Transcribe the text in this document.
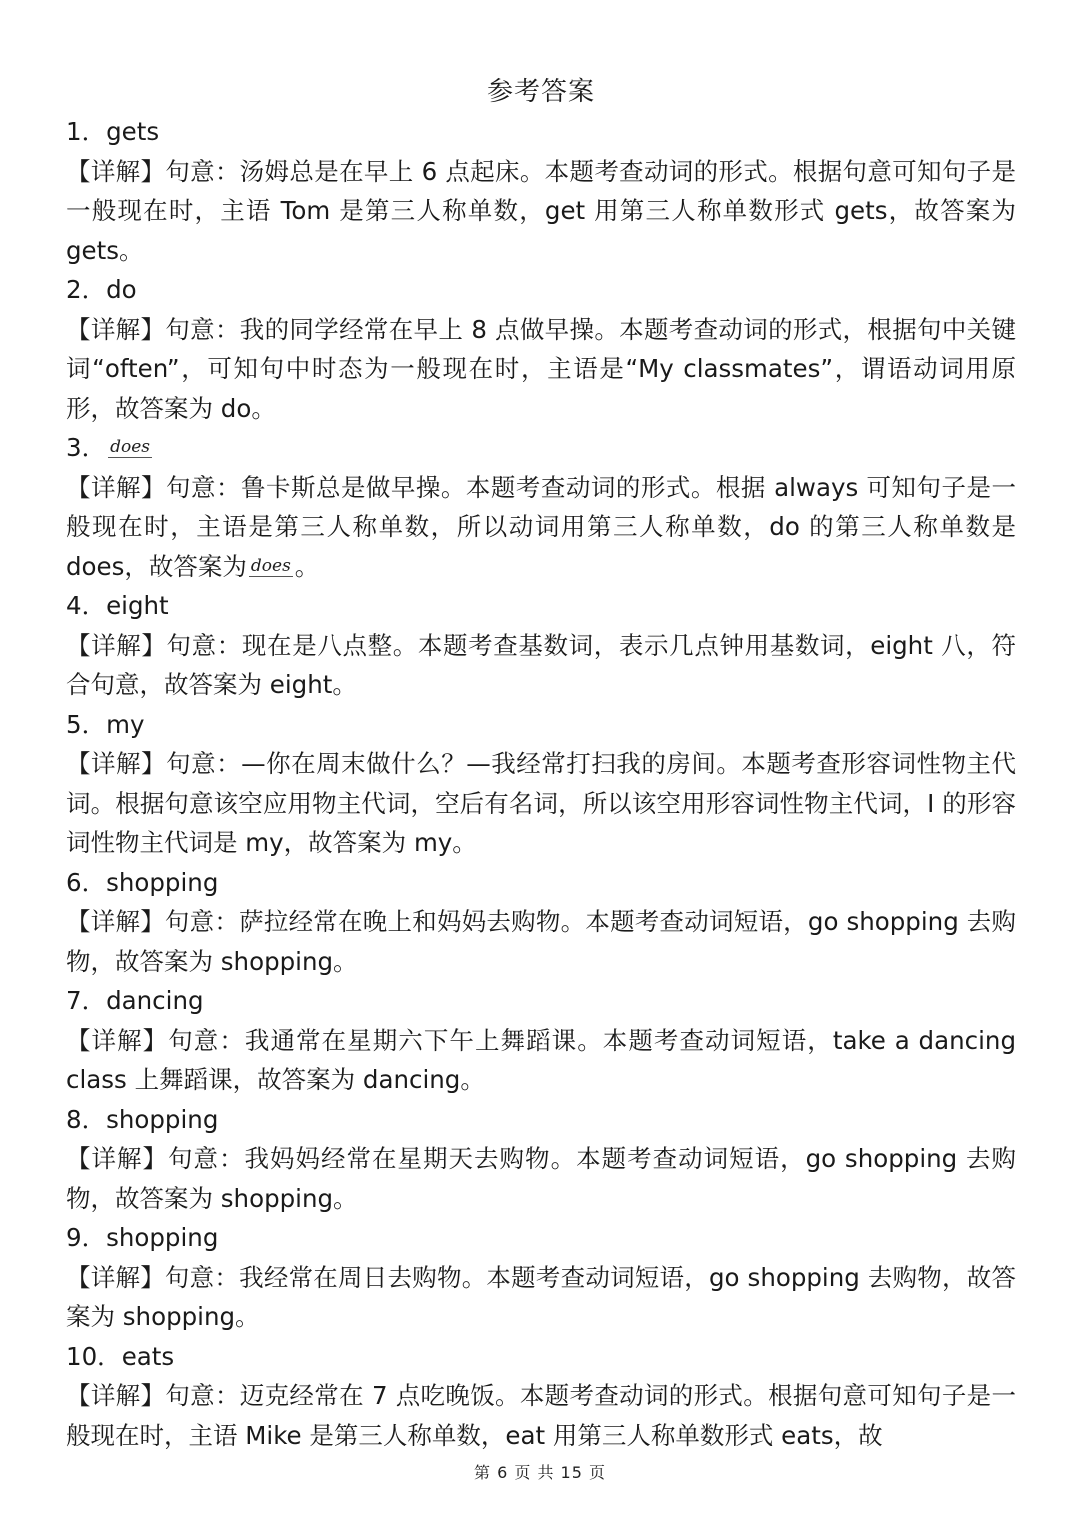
参考答案
1．gets
【详解】句意：汤姆总是在早上 6 点起床。本题考查动词的形式。根据句意可知句子是一般现在时，主语 Tom 是第三人称单数，get 用第三人称单数形式 gets，故答案为 gets。
2．do
【详解】句意：我的同学经常在早上 8 点做早操。本题考查动词的形式，根据句中关键词“often”，可知句中时态为一般现在时，主语是“My classmates”，谓语动词用原形，故答案为 do。
3． does
【详解】句意：鲁卡斯总是做早操。本题考查动词的形式。根据 always 可知句子是一般现在时，主语是第三人称单数，所以动词用第三人称单数，do 的第三人称单数是 does，故答案为 does 。
4．eight
【详解】句意：现在是八点整。本题考查基数词，表示几点钟用基数词，eight 八，符合句意，故答案为 eight。
5．my
【详解】句意：—你在周末做什么？—我经常打扫我的房间。本题考查形容词性物主代词。根据句意该空应用物主代词，空后有名词，所以该空用形容词性物主代词，I 的形容词性物主代词是 my，故答案为 my。
6．shopping
【详解】句意：萨拉经常在晚上和妈妈去购物。本题考查动词短语，go shopping 去购物，故答案为 shopping。
7．dancing
【详解】句意：我通常在星期六下午上舞蹈课。本题考查动词短语，take a dancing class 上舞蹈课，故答案为 dancing。
8．shopping
【详解】句意：我妈妈经常在星期天去购物。本题考查动词短语，go shopping 去购物，故答案为 shopping。
9．shopping
【详解】句意：我经常在周日去购物。本题考查动词短语，go shopping 去购物，故答案为 shopping。
10．eats
【详解】句意：迈克经常在 7 点吃晚饭。本题考查动词的形式。根据句意可知句子是一般现在时，主语 Mike 是第三人称单数，eat 用第三人称单数形式 eats，故
第 6 页 共 15 页
